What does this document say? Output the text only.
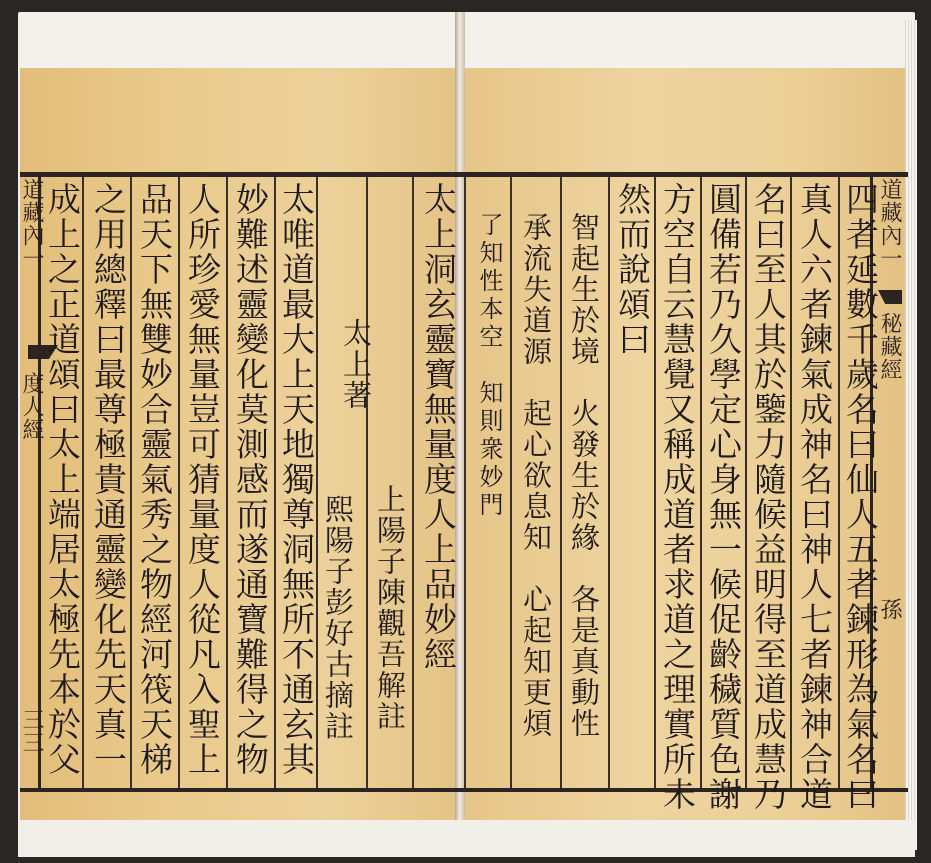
道藏內一
秘藏經
孫
四者延數千歲名曰仙人五者鍊形為氣名曰
真人六者鍊氣成神名曰神人七者鍊神合道
名曰至人其於鑒力隨候益明得至道成慧乃
圓備若乃久學定心身無一候促齡穢質色謝
方空自云慧覺又稱成道者求道之理實所未
然而說頌曰
智起生於境　火發生於緣　各是真動性
承流失道源　起心欲息知　心起知更煩
了知性本空　知則衆妙門
太上洞玄靈寶無量度人上品妙經
上陽子陳觀吾解註
太上著
熙陽子彭好古摘註
太唯道最大上天地獨尊洞無所不通玄其
妙難述靈變化莫測感而遂通寶難得之物
人所珍愛無量豈可猜量度人從凡入聖上
品天下無雙妙合靈氣秀之物經河筏天梯
之用總釋曰最尊極貴通靈變化先天真一
成上之正道頌曰太上端居太極先本於父
道藏內一
度人經
三三
